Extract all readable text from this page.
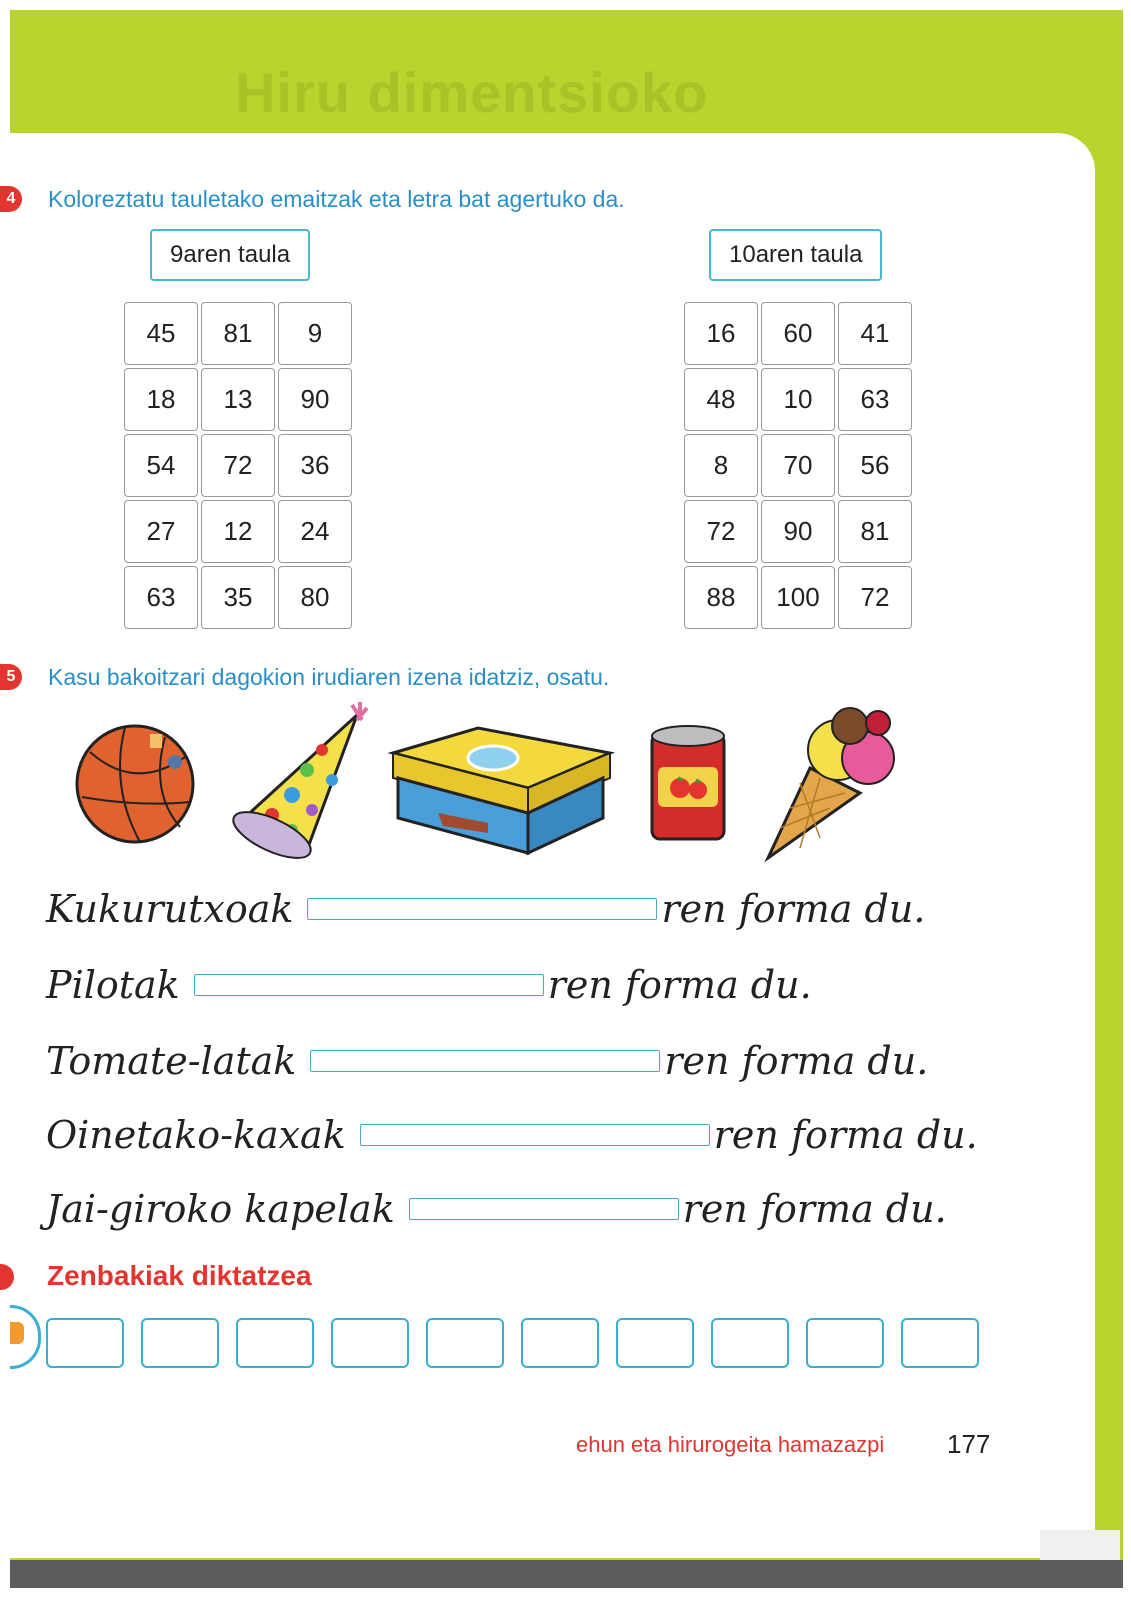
Hiru dimentsioko
4 Koloreztatu tauletako emaitzak eta letra bat agertuko da.
9aren taula	10aren taula
45	81	9
18	13	90
54	72	36
27	12	24
63	35	80
16	60	41
48	10	63
8	70	56
72	90	81
88	100	72
5 Kasu bakoitzari dagokion irudiaren izena idatziz, osatu.
Kukurutxoak	ren forma du.
Pilotak	ren forma du.
Tomate-latak	ren forma du.
Oinetako-kaxak	ren forma du.
Jai-giroko kapelak	ren forma du.
Zenbakiak diktatzea
ehun eta hirurogeita hamazazpi 177
